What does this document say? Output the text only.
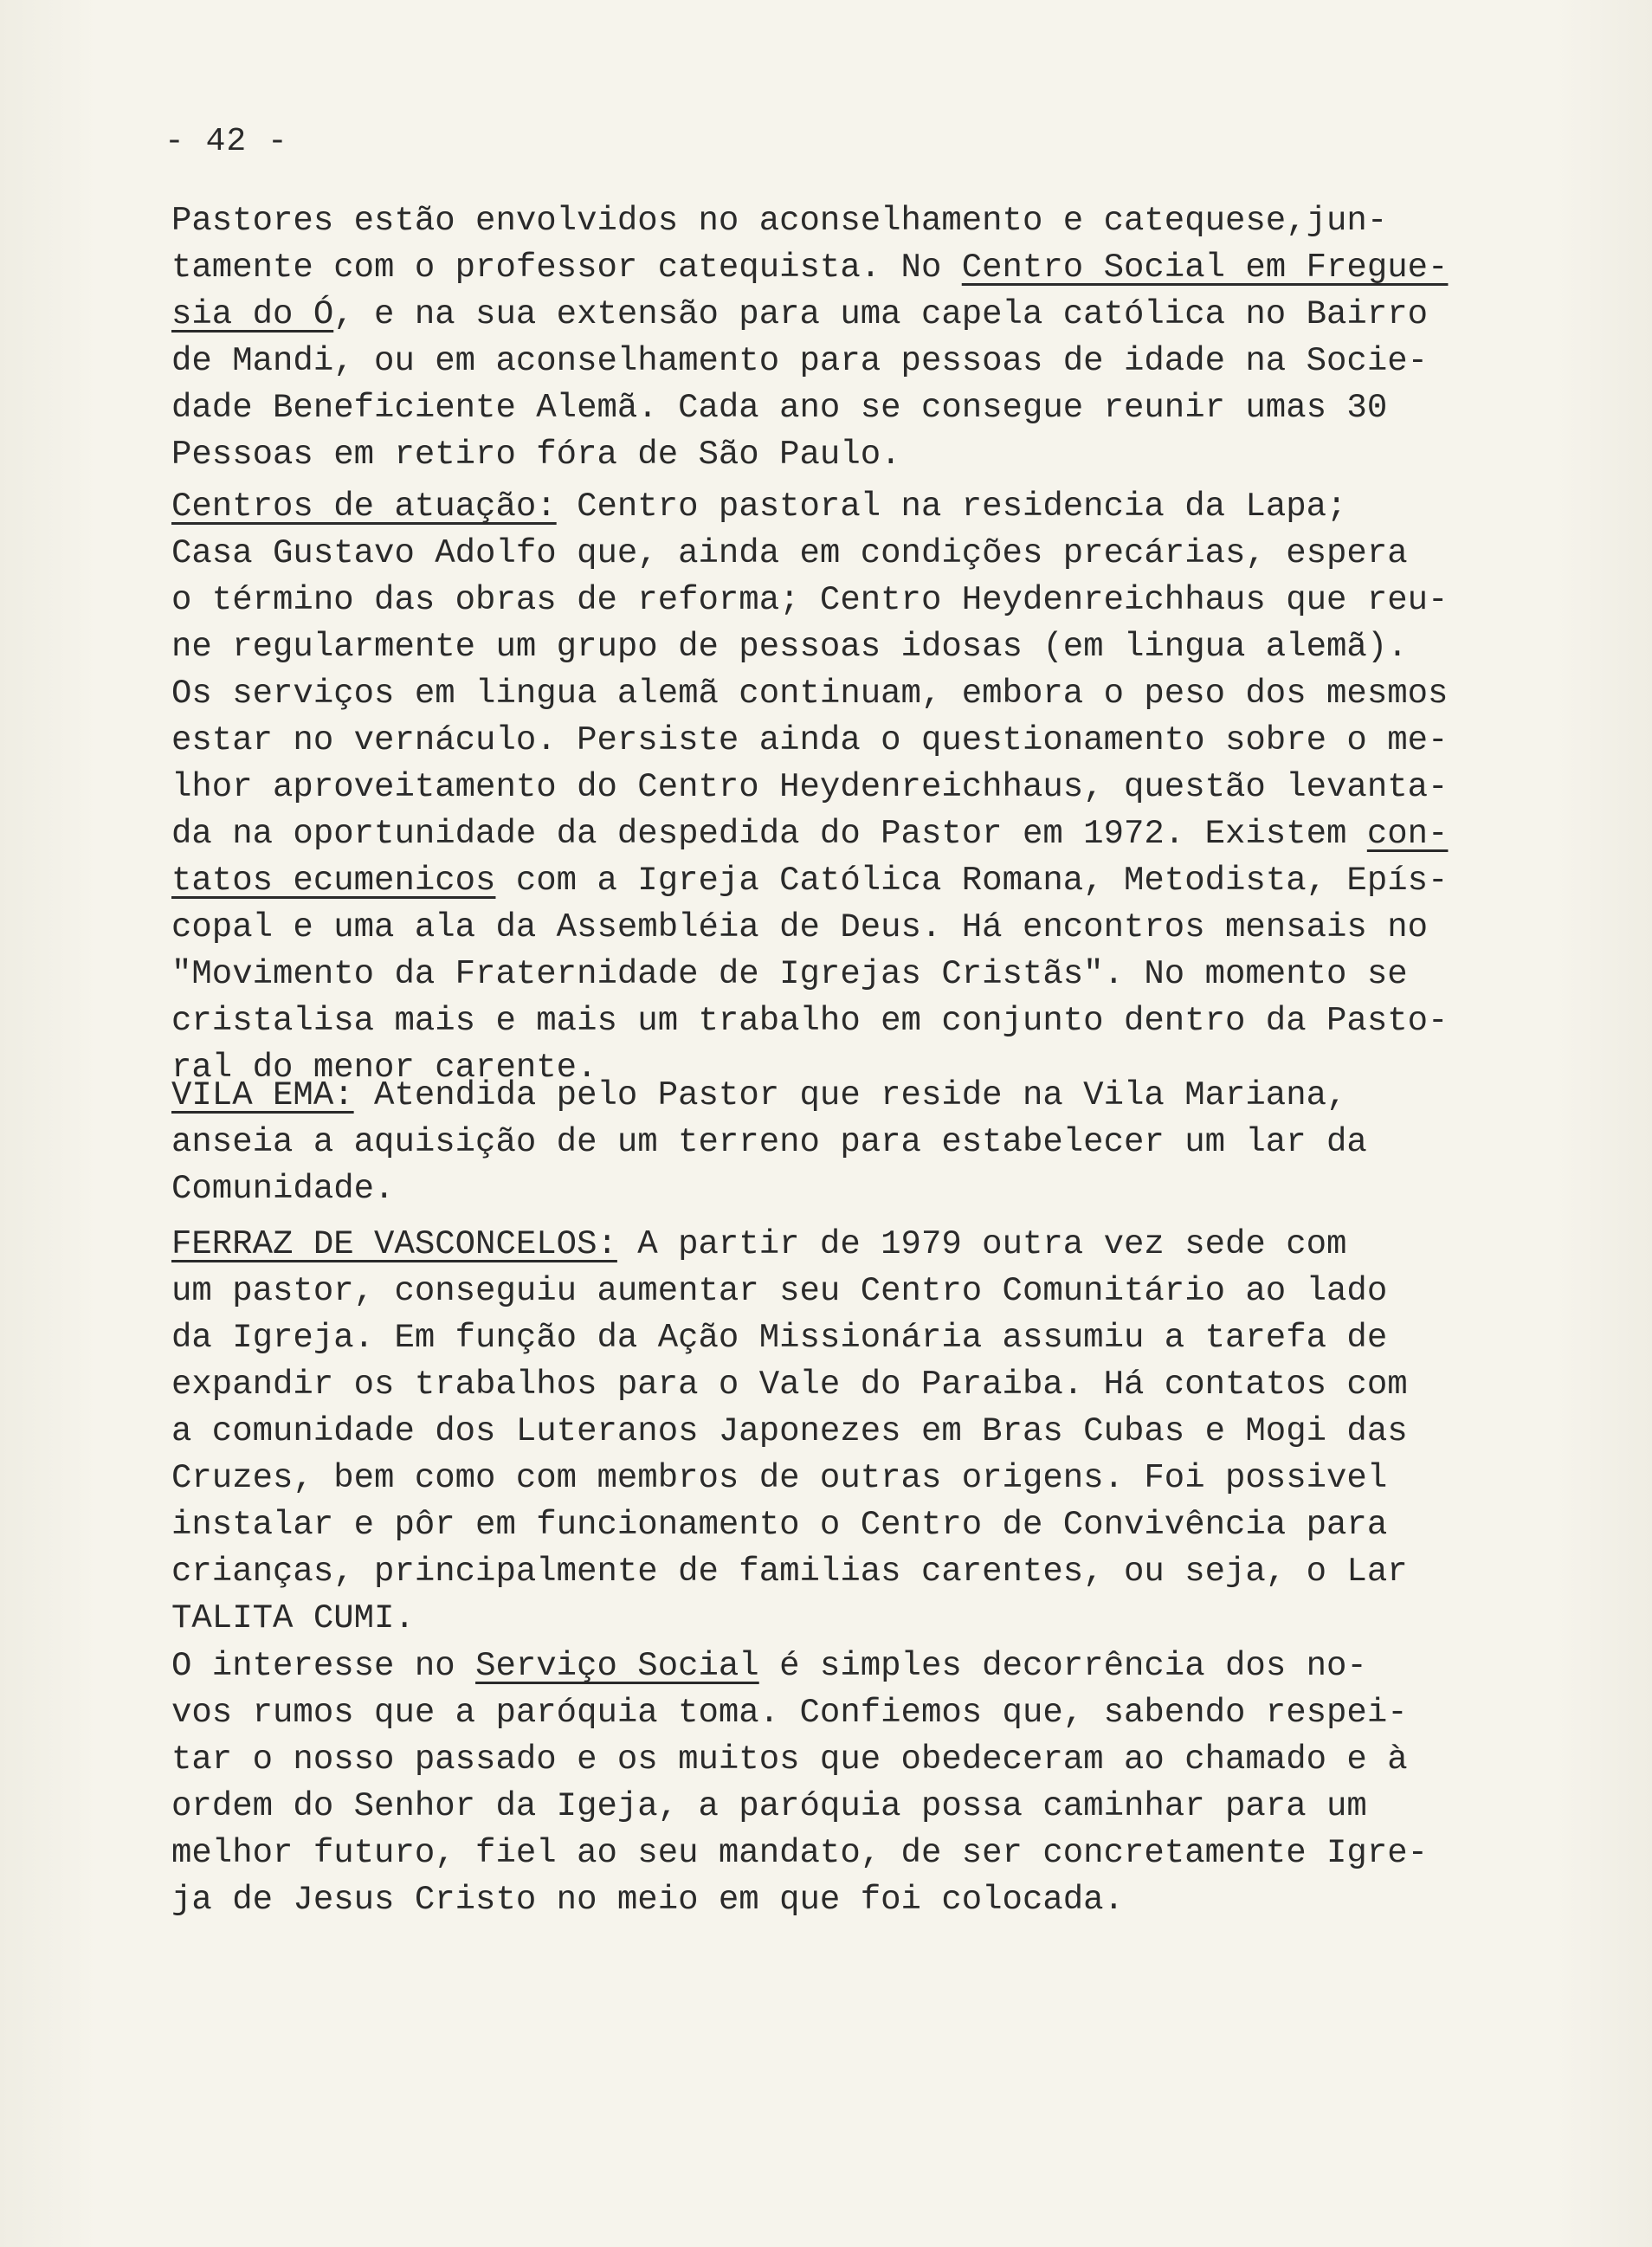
- 42 -

Pastores estão envolvidos no aconselhamento e catequese,jun-
tamente com o professor catequista. No Centro Social em Fregue-
sia do Ó, e na sua extensão para uma capela católica no Bairro
de Mandi, ou em aconselhamento para pessoas de idade na Socie-
dade Beneficiente Alemã. Cada ano se consegue reunir umas 30
Pessoas em retiro fóra de São Paulo.

Centros de atuação: Centro pastoral na residencia da Lapa;
Casa Gustavo Adolfo que, ainda em condições precárias, espera
o término das obras de reforma; Centro Heydenreichhaus que reu-
ne regularmente um grupo de pessoas idosas (em lingua alemã).
Os serviços em lingua alemã continuam, embora o peso dos mesmos
estar no vernáculo. Persiste ainda o questionamento sobre o me-
lhor aproveitamento do Centro Heydenreichhaus, questão levanta-
da na oportunidade da despedida do Pastor em 1972. Existem con-
tatos ecumenicos com a Igreja Católica Romana, Metodista, Epís-
copal e uma ala da Assembléia de Deus. Há encontros mensais no
"Movimento da Fraternidade de Igrejas Cristãs". No momento se
cristalisa mais e mais um trabalho em conjunto dentro da Pasto-
ral do menor carente.

VILA EMA: Atendida pelo Pastor que reside na Vila Mariana,
anseia a aquisição de um terreno para estabelecer um lar da
Comunidade.

FERRAZ DE VASCONCELOS: A partir de 1979 outra vez sede com
um pastor, conseguiu aumentar seu Centro Comunitário ao lado
da Igreja. Em função da Ação Missionária assumiu a tarefa de
expandir os trabalhos para o Vale do Paraiba. Há contatos com
a comunidade dos Luteranos Japonezes em Bras Cubas e Mogi das
Cruzes, bem como com membros de outras origens. Foi possivel
instalar e pôr em funcionamento o Centro de Convivência para
crianças, principalmente de familias carentes, ou seja, o Lar
TALITA CUMI.

O interesse no Serviço Social é simples decorrência dos no-
vos rumos que a paróquia toma. Confiemos que, sabendo respei-
tar o nosso passado e os muitos que obedeceram ao chamado e à
ordem do Senhor da Igeja, a paróquia possa caminhar para um
melhor futuro, fiel ao seu mandato, de ser concretamente Igre-
ja de Jesus Cristo no meio em que foi colocada.
